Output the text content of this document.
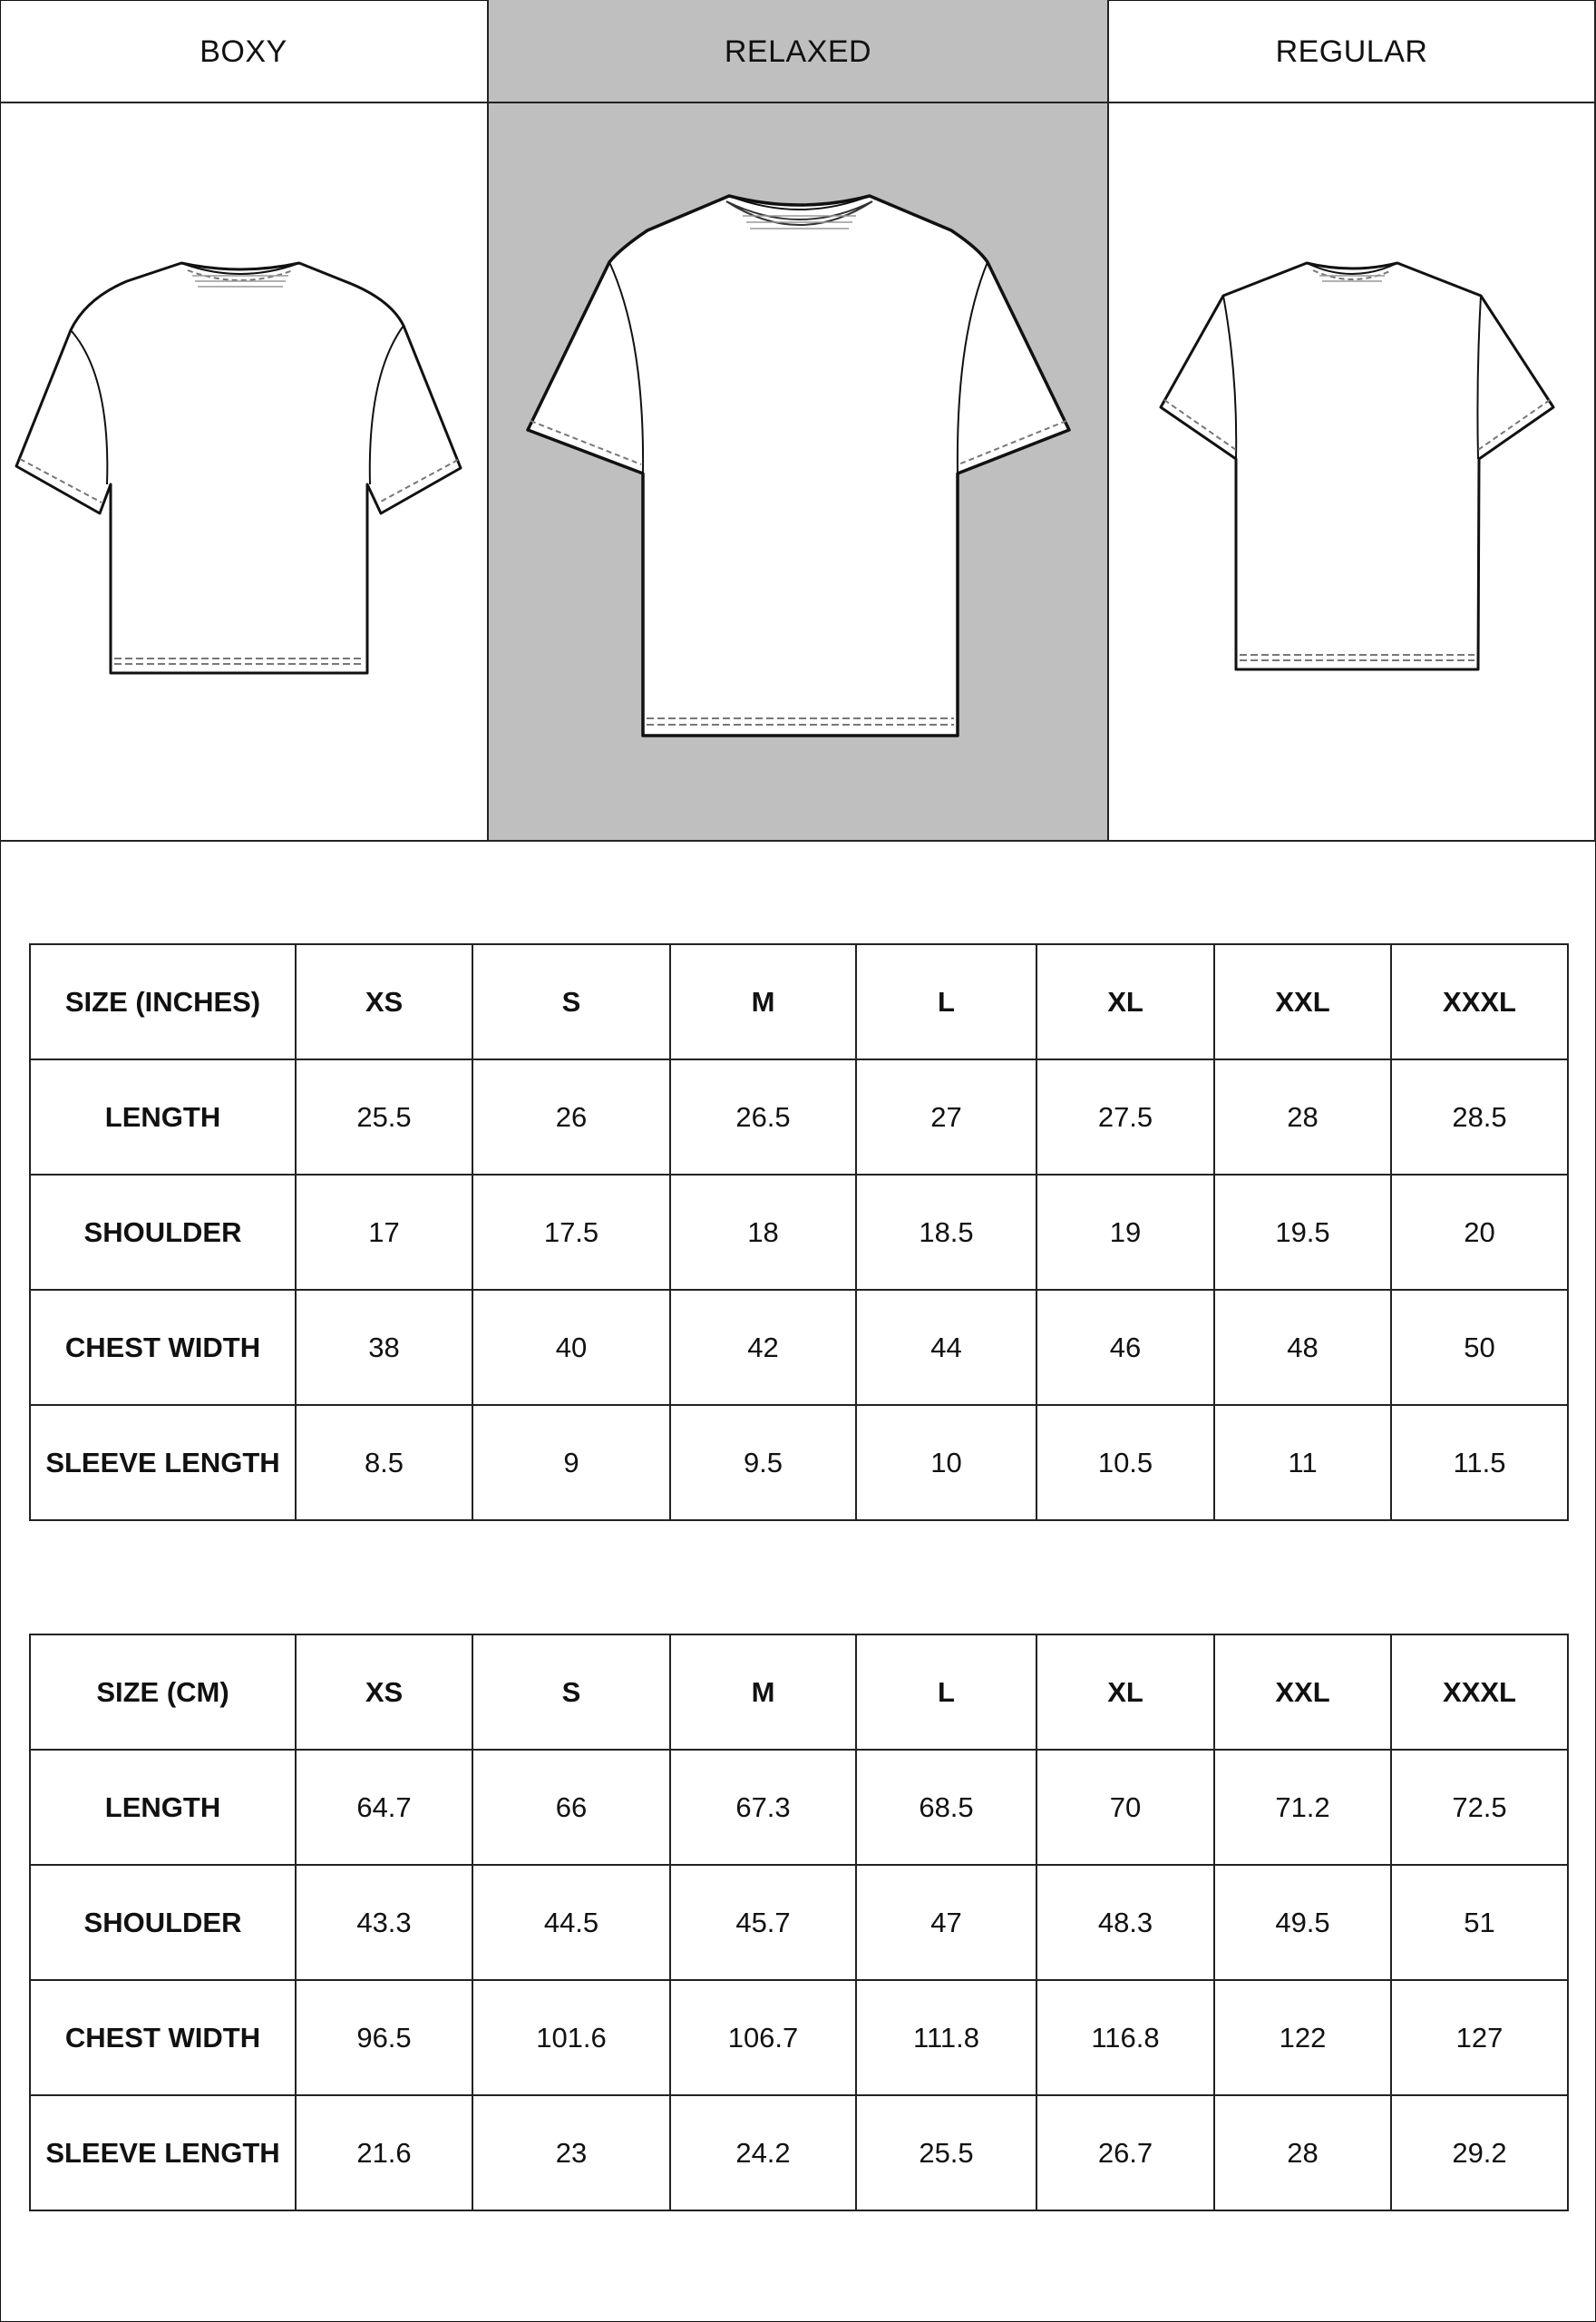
BOXY	RELAXED	REGULAR
SIZE (INCHES)	XS	S	M	L	XL	XXL	XXXL
LENGTH	25.5	26	26.5	27	27.5	28	28.5
SHOULDER	17	17.5	18	18.5	19	19.5	20
CHEST WIDTH	38	40	42	44	46	48	50
SLEEVE LENGTH	8.5	9	9.5	10	10.5	11	11.5
SIZE (CM)	XS	S	M	L	XL	XXL	XXXL
LENGTH	64.7	66	67.3	68.5	70	71.2	72.5
SHOULDER	43.3	44.5	45.7	47	48.3	49.5	51
CHEST WIDTH	96.5	101.6	106.7	111.8	116.8	122	127
SLEEVE LENGTH	21.6	23	24.2	25.5	26.7	28	29.2
